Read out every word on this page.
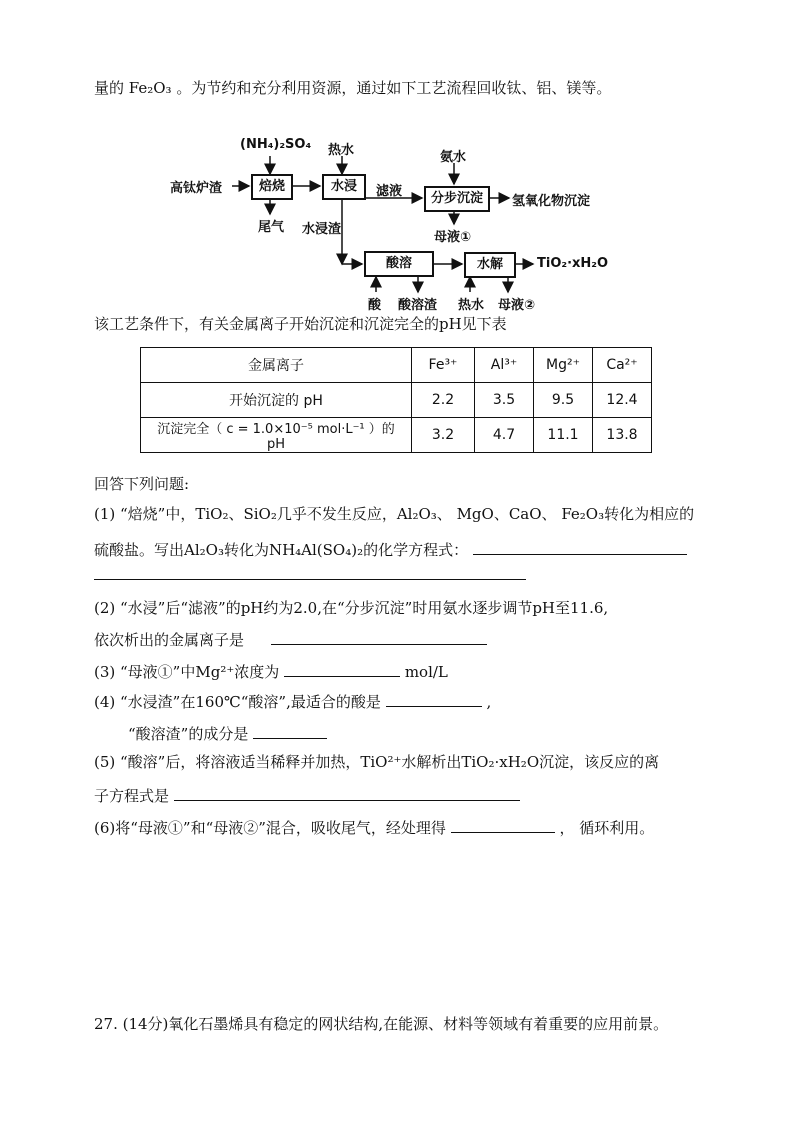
量的 Fe₂O₃ 。为节约和充分利用资源，通过如下工艺流程回收钛、铝、镁等。
高钛炉渣
(NH₄)₂SO₄ 热水	氨水
焙烧	水浸
分步沉淀
酸溶	水解
滤液
尾气 水浸渣
氢氧化物沉淀
母液①
TiO₂·xH₂O
酸 酸溶渣 热水 母液②
该工艺条件下，有关金属离子开始沉淀和沉淀完全的pH见下表
金属离子	Fe³⁺	Al³⁺	Mg²⁺	Ca²⁺
开始沉淀的 pH	2.2	3.5	9.5	12.4
沉淀完全（ c = 1.0×10⁻⁵ mol·L⁻¹ ）的 pH	3.2	4.7	11.1	13.8
回答下列问题:
(1) “焙烧”中，TiO₂、SiO₂几乎不发生反应，Al₂O₃、 MgO、CaO、 Fe₂O₃转化为相应的
硫酸盐。写出Al₂O₃转化为NH₄Al(SO₄)₂的化学方程式：
(2) “水浸”后“滤液”的pH约为2.0,在“分步沉淀”时用氨水逐步调节pH至11.6,
依次析出的金属离子是
(3) “母液①”中Mg²⁺浓度为	mol/L
(4) “水浸渣”在160℃“酸溶”,最适合的酸是	,
“酸溶渣”的成分是
(5) “酸溶”后，将溶液适当稀释并加热，TiO²⁺水解析出TiO₂·xH₂O沉淀，该反应的离
子方程式是
(6)将“母液①”和“母液②”混合，吸收尾气，经处理得	， 循环利用。
27. (14分)氧化石墨烯具有稳定的网状结构,在能源、材料等领域有着重要的应用前景。
